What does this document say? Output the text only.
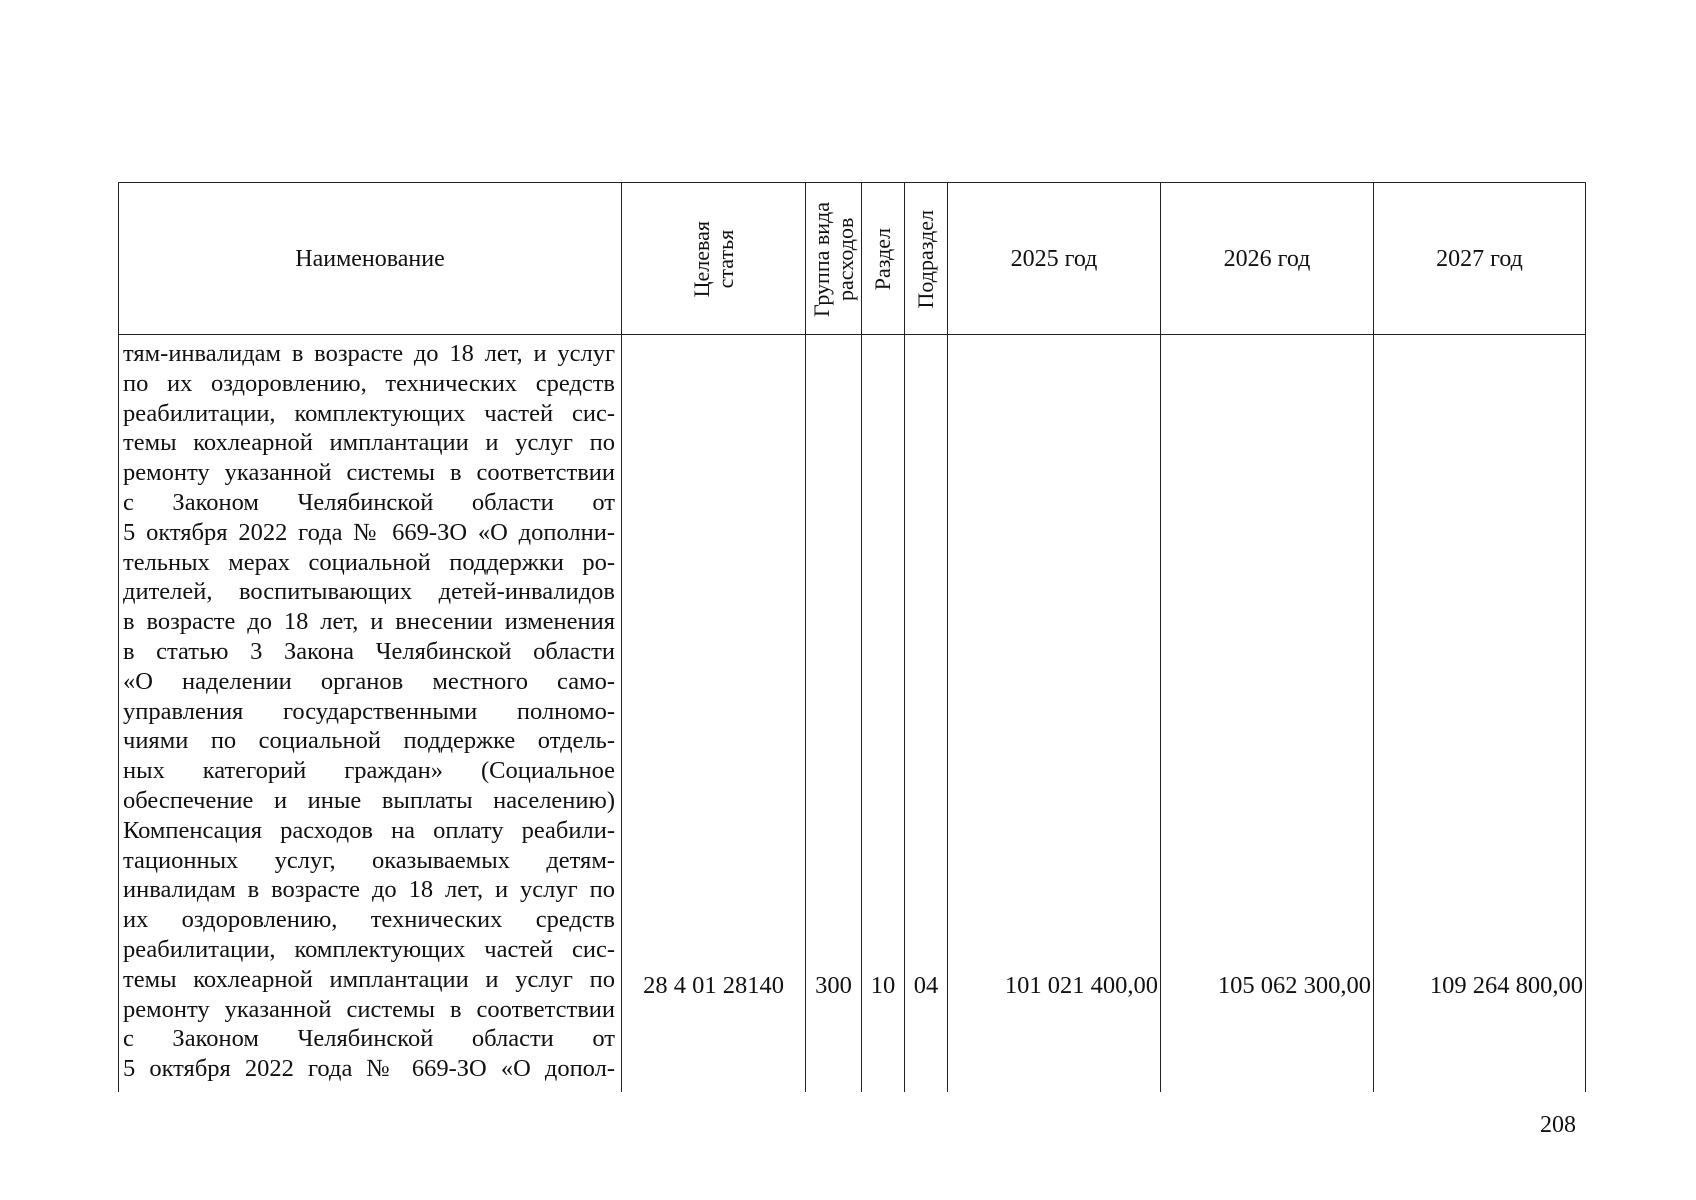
Наименование
тям-инвалидам в возрасте до 18 лет, и услуг
по их оздоровлению, технических средств
реабилитации, комплектующих частей сис-
темы кохлеарной имплантации и услуг по
ремонту указанной системы в соответствии
с Законом Челябинской области от
5 октября 2022 года № 669-ЗО «О дополни-
тельных мерах социальной поддержки ро-
дителей, воспитывающих детей-инвалидов
в возрасте до 18 лет, и внесении изменения
в статью 3 Закона Челябинской области
«О наделении органов местного само-
управления государственными полномо-
чиями по социальной поддержке отдель-
ных категорий граждан» (Социальное
обеспечение и иные выплаты населению)
Компенсация расходов на оплату реабили-
тационных услуг, оказываемых детям-
инвалидам в возрасте до 18 лет, и услуг по
их оздоровлению, технических средств
реабилитации, комплектующих частей сис-
темы кохлеарной имплантации и услуг по
ремонту указанной системы в соответствии
с Законом Челябинской области от
5 октября 2022 года № 669-ЗО «О допол-
Целевая
статья
28 4 01 28140
Группа вида
расходов
300
Раздел
10
Подраздел
04
2025 год
101 021 400,00
2026 год
105 062 300,00
2027 год
109 264 800,00
208
